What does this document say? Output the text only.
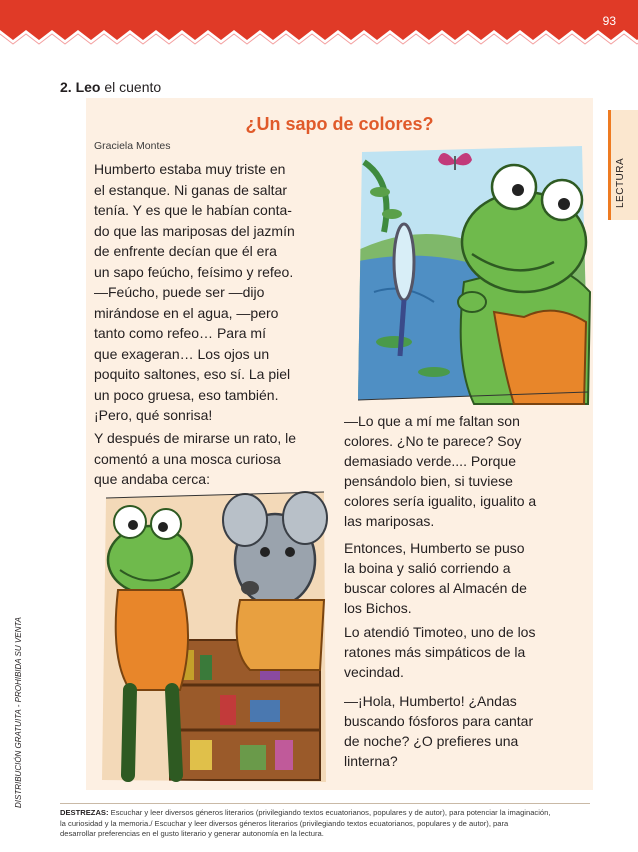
93
LECTURA
DISTRIBUCIÓN GRATUITA - PROHIBIDA SU VENTA
2. Leo el cuento
¿Un sapo de colores?
Graciela Montes
Humberto estaba muy triste en
el estanque. Ni ganas de saltar
tenía. Y es que le habían conta-
do que las mariposas del jazmín
de enfrente decían que él era
un sapo feúcho, feísimo y refeo.
—Feúcho, puede ser —dijo
mirándose en el agua, —pero
tanto como refeo… Para mí
que exageran… Los ojos un
poquito saltones, eso sí. La piel
un poco gruesa, eso también.
¡Pero, qué sonrisa!
Y después de mirarse un rato, le
comentó a una mosca curiosa
que andaba cerca:
—Lo que a mí me faltan son
colores. ¿No te parece? Soy
demasiado verde.... Porque
pensándolo bien, si tuviese
colores sería igualito, igualito a
las mariposas.
Entonces, Humberto se puso
la boina y salió corriendo a
buscar colores al Almacén de
los Bichos.
Lo atendió Timoteo, uno de los
ratones más simpáticos de la
vecindad.
—¡Hola, Humberto! ¿Andas
buscando fósforos para cantar
de noche? ¿O prefieres una
linterna?
DESTREZAS: Escuchar y leer diversos géneros literarios (privilegiando textos ecuatorianos, populares y de autor), para potenciar la imaginación,
la curiosidad y la memoria./ Escuchar y leer diversos géneros literarios (privilegiando textos ecuatorianos, populares y de autor), para
desarrollar preferencias en el gusto literario y generar autonomía en la lectura.
